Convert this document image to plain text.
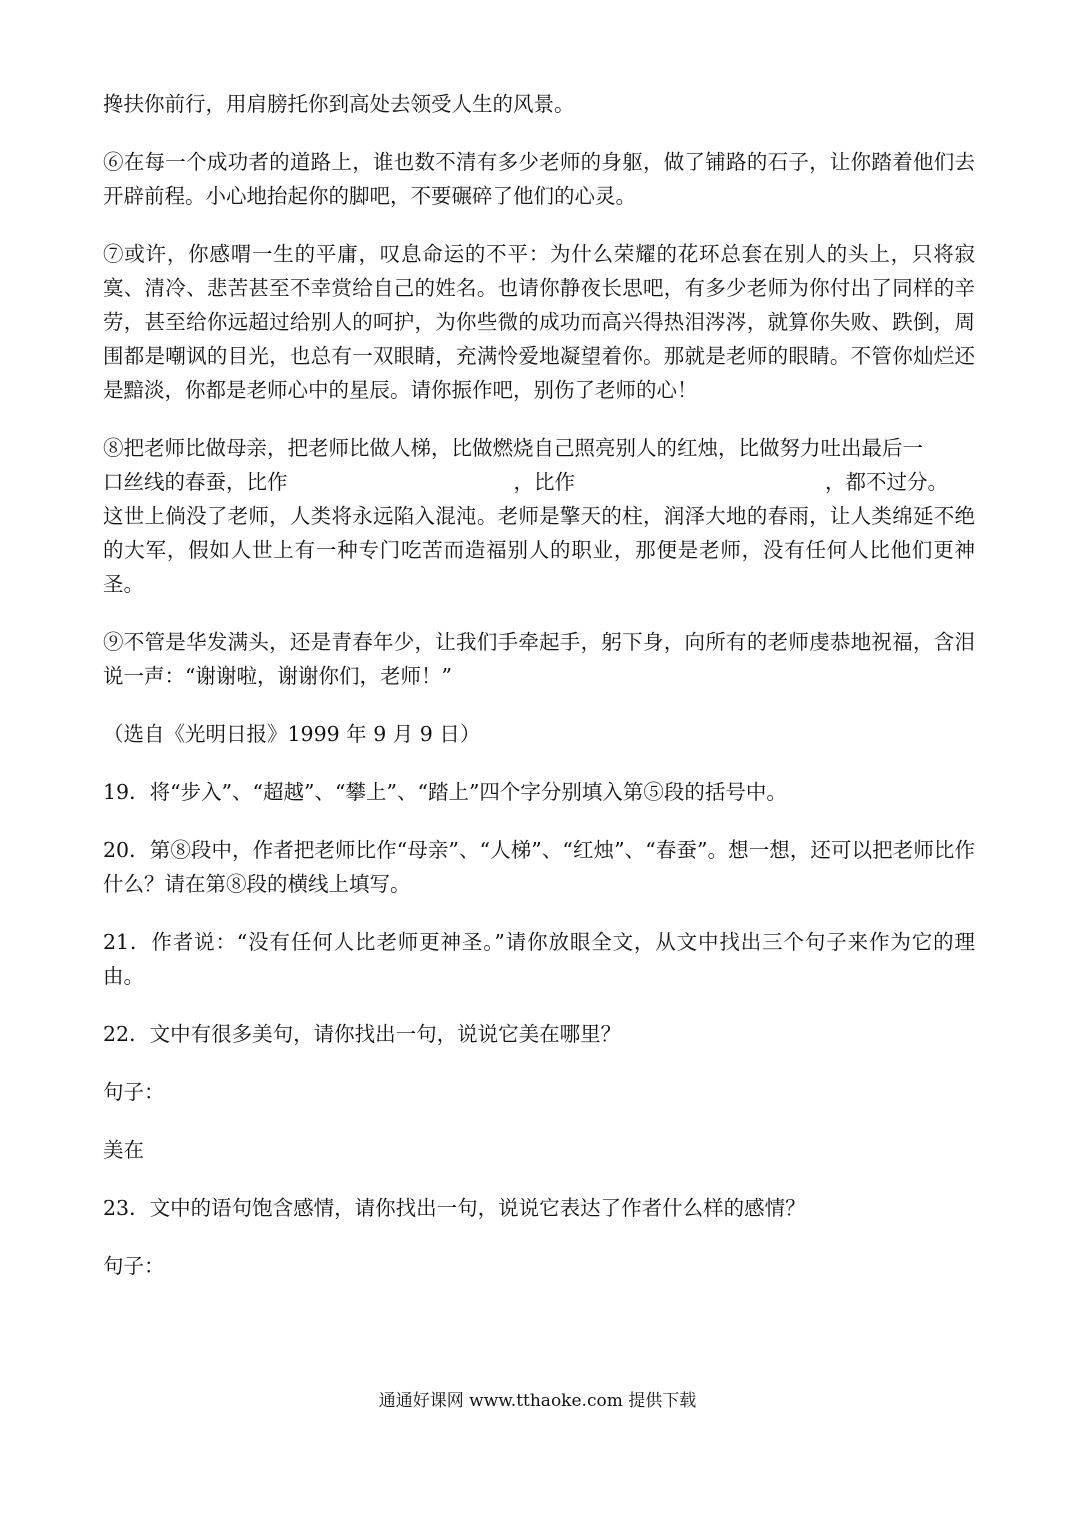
搀扶你前行，用肩膀托你到高处去领受人生的风景。

⑥在每一个成功者的道路上，谁也数不清有多少老师的身躯，做了铺路的石子，让你踏着他们去开辟前程。小心地抬起你的脚吧，不要碾碎了他们的心灵。

⑦或许，你感喟一生的平庸，叹息命运的不平：为什么荣耀的花环总套在别人的头上，只将寂寞、清冷、悲苦甚至不幸赏给自己的姓名。也请你静夜长思吧，有多少老师为你付出了同样的辛劳，甚至给你远超过给别人的呵护，为你些微的成功而高兴得热泪涔涔，就算你失败、跌倒，周围都是嘲讽的目光，也总有一双眼睛，充满怜爱地凝望着你。那就是老师的眼睛。不管你灿烂还是黯淡，你都是老师心中的星辰。请你振作吧，别伤了老师的心！

⑧把老师比做母亲，把老师比做人梯，比做燃烧自己照亮别人的红烛，比做努力吐出最后一
口丝线的春蚕，比作	，比作	，都不过分。
这世上倘没了老师，人类将永远陷入混沌。老师是擎天的柱，润泽大地的春雨，让人类绵延不绝的大军，假如人世上有一种专门吃苦而造福别人的职业，那便是老师，没有任何人比他们更神圣。

⑨不管是华发满头，还是青春年少，让我们手牵起手，躬下身，向所有的老师虔恭地祝福，含泪说一声：“谢谢啦，谢谢你们，老师！”

（选自《光明日报》1999 年 9 月 9 日）

19．将“步入”、“超越”、“攀上”、“踏上”四个字分别填入第⑤段的括号中。

20．第⑧段中，作者把老师比作“母亲”、“人梯”、“红烛”、“春蚕”。想一想，还可以把老师比作什么？请在第⑧段的横线上填写。

21．作者说：“没有任何人比老师更神圣。”请你放眼全文，从文中找出三个句子来作为它的理由。

22．文中有很多美句，请你找出一句，说说它美在哪里？

句子：

美在

23．文中的语句饱含感情，请你找出一句，说说它表达了作者什么样的感情？

句子：

通通好课网 www.tthaoke.com 提供下载
